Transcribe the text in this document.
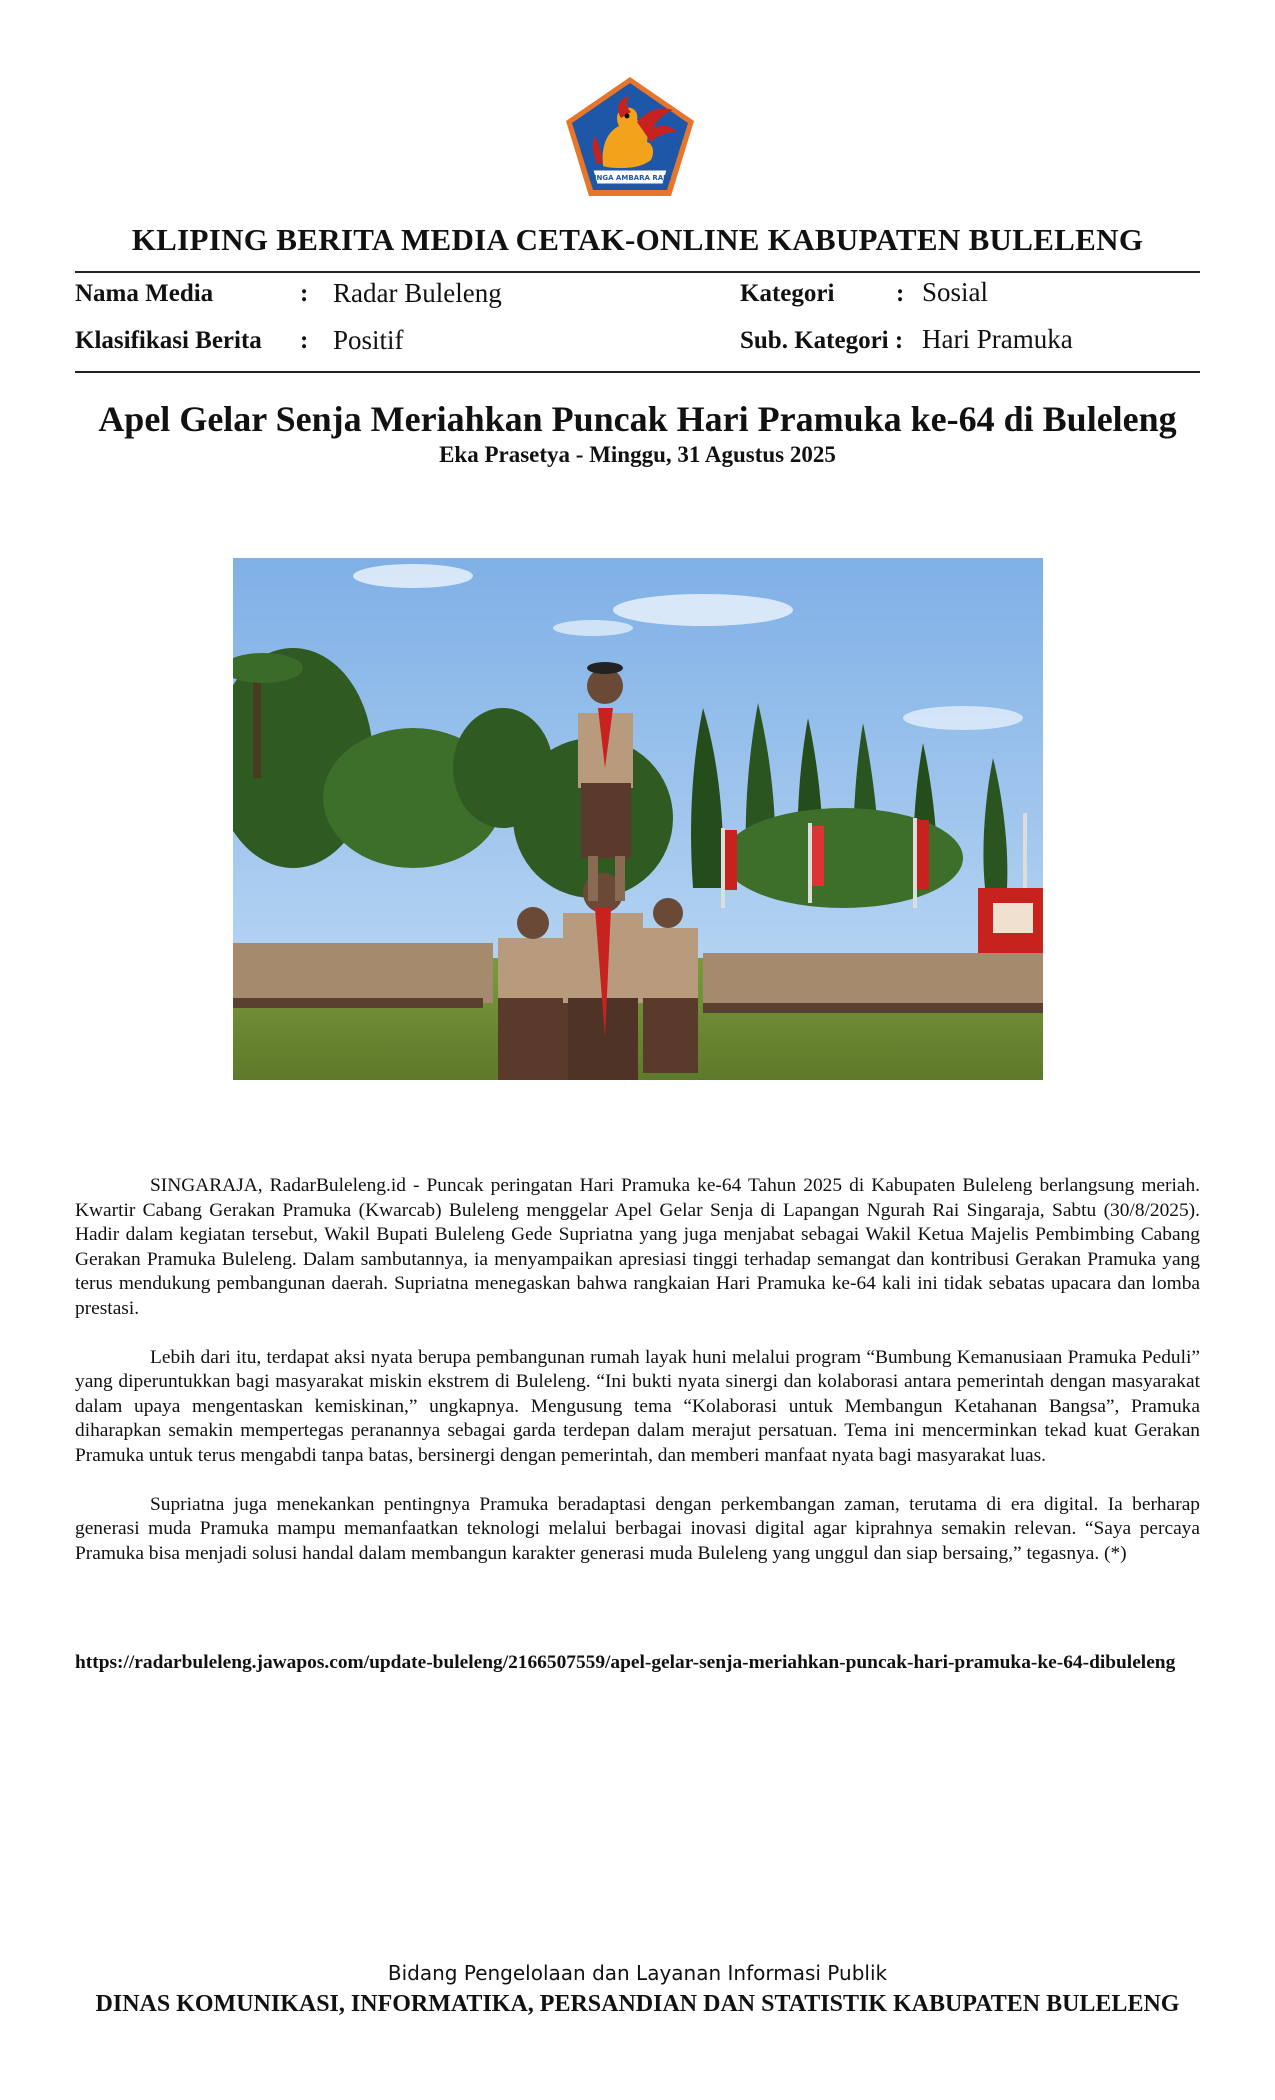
SINGA AMBARA RAJA
KLIPING BERITA MEDIA CETAK-ONLINE KABUPATEN BULELENG
Nama Media	: Radar Buleleng
Klasifikasi Berita : Positif
Kategori : Sosial
Sub. Kategori : Hari Pramuka
Apel Gelar Senja Meriahkan Puncak Hari Pramuka ke-64 di Buleleng
Eka Prasetya - Minggu, 31 Agustus 2025

SINGARAJA, RadarBuleleng.id - Puncak peringatan Hari Pramuka ke-64 Tahun 2025 di Kabupaten Buleleng berlangsung meriah. Kwartir Cabang Gerakan Pramuka (Kwarcab) Buleleng menggelar Apel Gelar Senja di Lapangan Ngurah Rai Singaraja, Sabtu (30/8/2025). Hadir dalam kegiatan tersebut, Wakil Bupati Buleleng Gede Supriatna yang juga menjabat sebagai Wakil Ketua Majelis Pembimbing Cabang Gerakan Pramuka Buleleng. Dalam sambutannya, ia menyampaikan apresiasi tinggi terhadap semangat dan kontribusi Gerakan Pramuka yang terus mendukung pembangunan daerah. Supriatna menegaskan bahwa rangkaian Hari Pramuka ke-64 kali ini tidak sebatas upacara dan lomba prestasi.

Lebih dari itu, terdapat aksi nyata berupa pembangunan rumah layak huni melalui program “Bumbung Kemanusiaan Pramuka Peduli” yang diperuntukkan bagi masyarakat miskin ekstrem di Buleleng. “Ini bukti nyata sinergi dan kolaborasi antara pemerintah dengan masyarakat dalam upaya mengentaskan kemiskinan,” ungkapnya. Mengusung tema “Kolaborasi untuk Membangun Ketahanan Bangsa”, Pramuka diharapkan semakin mempertegas peranannya sebagai garda terdepan dalam merajut persatuan. Tema ini mencerminkan tekad kuat Gerakan Pramuka untuk terus mengabdi tanpa batas, bersinergi dengan pemerintah, dan memberi manfaat nyata bagi masyarakat luas.

Supriatna juga menekankan pentingnya Pramuka beradaptasi dengan perkembangan zaman, terutama di era digital. Ia berharap generasi muda Pramuka mampu memanfaatkan teknologi melalui berbagai inovasi digital agar kiprahnya semakin relevan. “Saya percaya Pramuka bisa menjadi solusi handal dalam membangun karakter generasi muda Buleleng yang unggul dan siap bersaing,” tegasnya. (*)

https://radarbuleleng.jawapos.com/update-buleleng/2166507559/apel-gelar-senja-meriahkan-puncak-hari-pramuka-ke-64-dibuleleng
Bidang Pengelolaan dan Layanan Informasi Publik
DINAS KOMUNIKASI, INFORMATIKA, PERSANDIAN DAN STATISTIK KABUPATEN BULELENG
